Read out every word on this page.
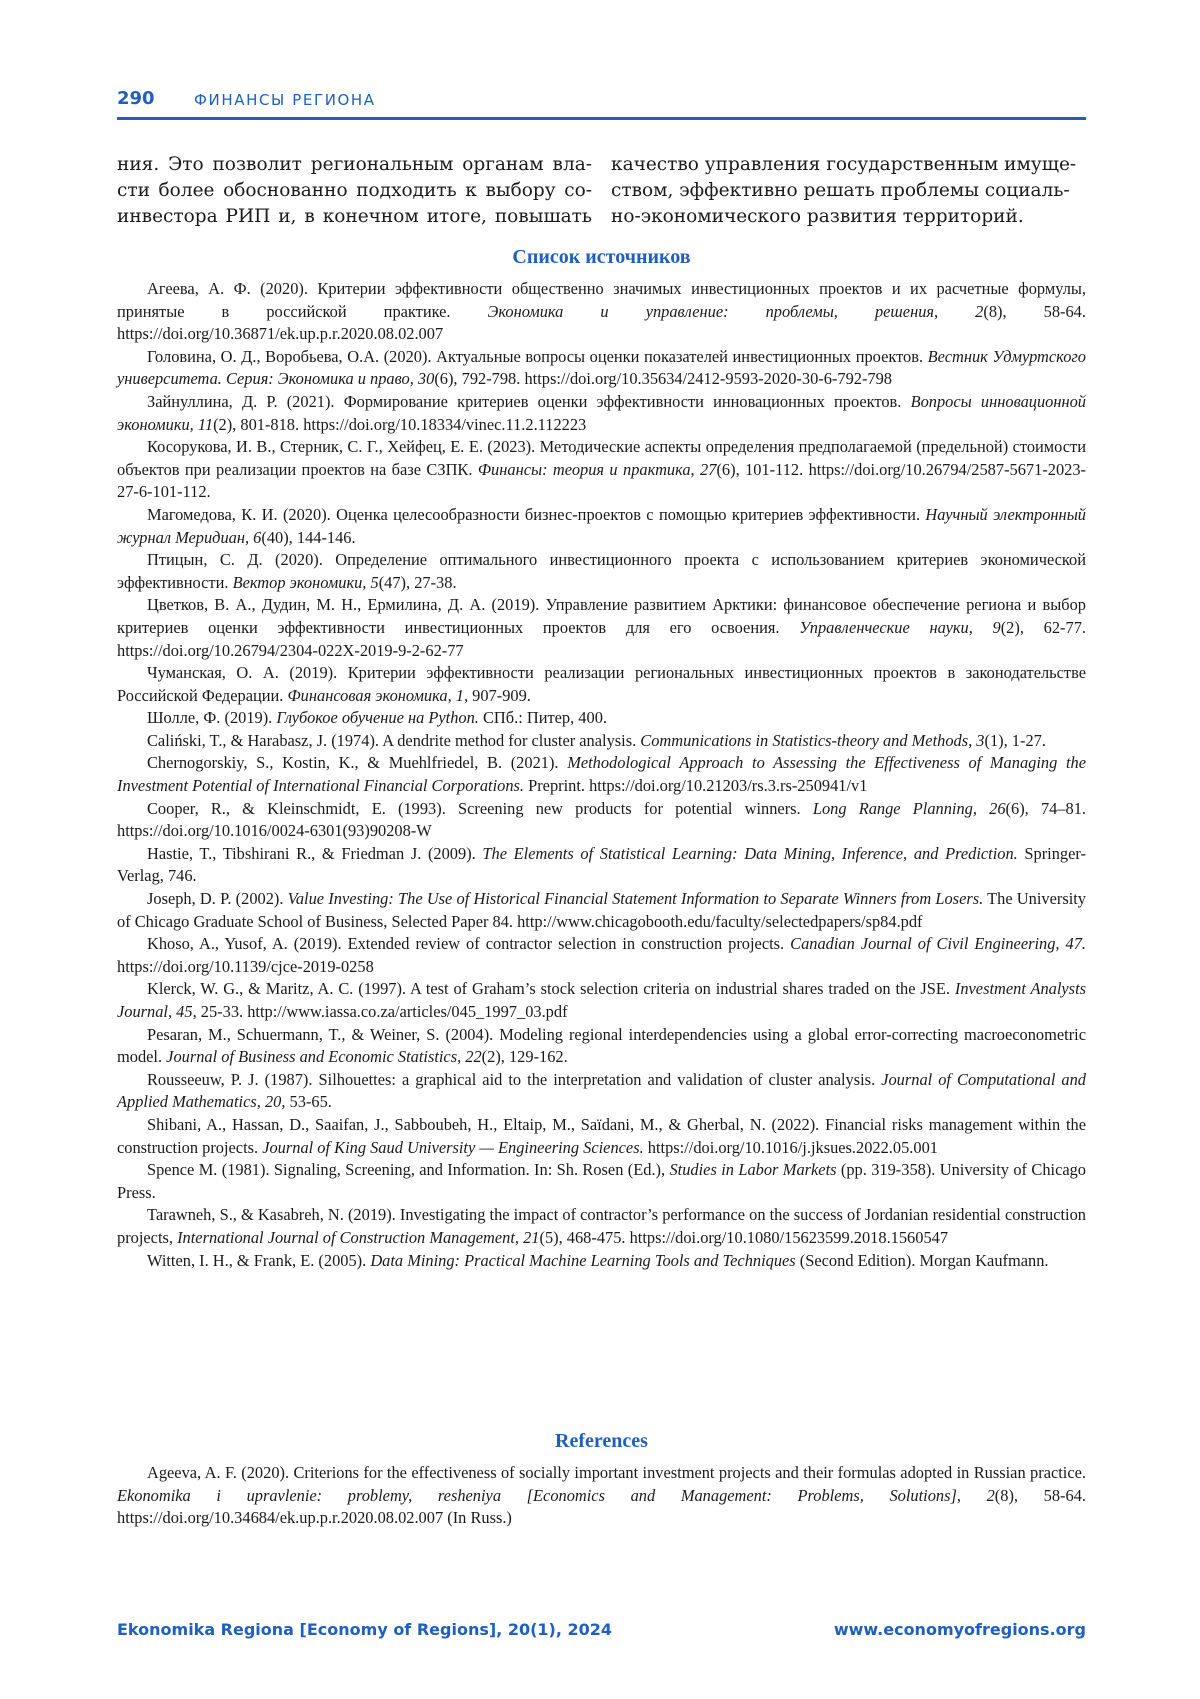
290	ФИНАНСЫ РЕГИОНА
ния. Это позволит региональным органам вла-
сти более обоснованно подходить к выбору со-
инвестора РИП и, в конечном итоге, повышать
качество управления государственным имуще-
ством, эффективно решать проблемы социаль-
но-экономического развития территорий.
Список источников

Агеева, А. Ф. (2020). Критерии эффективности общественно значимых инвестиционных проектов и их расчетные формулы, принятые в российской практике. Экономика и управление: проблемы, решения, 2(8), 58-64. https://doi.org/10.36871/ek.up.p.r.2020.08.02.007

Головина, О. Д., Воробьева, О.А. (2020). Актуальные вопросы оценки показателей инвестиционных проектов. Вестник Удмуртского университета. Серия: Экономика и право, 30(6), 792-798. https://doi.org/10.35634/2412-9593-2020-30-6-792-798

Зайнуллина, Д. Р. (2021). Формирование критериев оценки эффективности инновационных проектов. Вопросы инновационной экономики, 11(2), 801-818. https://doi.org/10.18334/vinec.11.2.112223

Косорукова, И. В., Стерник, С. Г., Хейфец, Е. Е. (2023). Методические аспекты определения предполагаемой (предельной) стоимости объектов при реализации проектов на базе СЗПК. Финансы: теория и практика, 27(6), 101-112. https://doi.org/10.26794/2587-5671-2023-27-6-101-112.

Магомедова, К. И. (2020). Оценка целесообразности бизнес-проектов с помощью критериев эффективности. Научный электронный журнал Меридиан, 6(40), 144-146.

Птицын, С. Д. (2020). Определение оптимального инвестиционного проекта с использованием критериев экономической эффективности. Вектор экономики, 5(47), 27-38.

Цветков, В. А., Дудин, М. Н., Ермилина, Д. А. (2019). Управление развитием Арктики: финансовое обеспечение региона и выбор критериев оценки эффективности инвестиционных проектов для его освоения. Управленческие науки, 9(2), 62-77. https://doi.org/10.26794/2304-022X-2019-9-2-62-77

Чуманская, О. А. (2019). Критерии эффективности реализации региональных инвестиционных проектов в законодательстве Российской Федерации. Финансовая экономика, 1, 907-909.

Шолле, Ф. (2019). Глубокое обучение на Python. СПб.: Питер, 400.

Caliński, T., & Harabasz, J. (1974). A dendrite method for cluster analysis. Communications in Statistics-theory and Methods, 3(1), 1-27.

Chernogorskiy, S., Kostin, K., & Muehlfriedel, B. (2021). Methodological Approach to Assessing the Effectiveness of Managing the Investment Potential of International Financial Corporations. Preprint. https://doi.org/10.21203/rs.3.rs-250941/v1

Cooper, R., & Kleinschmidt, E. (1993). Screening new products for potential winners. Long Range Planning, 26(6), 74–81. https://doi.org/10.1016/0024-6301(93)90208-W

Hastie, T., Tibshirani R., & Friedman J. (2009). The Elements of Statistical Learning: Data Mining, Inference, and Prediction. Springer-Verlag, 746.

Joseph, D. P. (2002). Value Investing: The Use of Historical Financial Statement Information to Separate Winners from Losers. The University of Chicago Graduate School of Business, Selected Paper 84. http://www.chicagobooth.edu/faculty/selectedpapers/sp84.pdf

Khoso, A., Yusof, A. (2019). Extended review of contractor selection in construction projects. Canadian Journal of Civil Engineering, 47. https://doi.org/10.1139/cjce-2019-0258

Klerck, W. G., & Maritz, A. C. (1997). A test of Graham’s stock selection criteria on industrial shares traded on the JSE. Investment Analysts Journal, 45, 25-33. http://www.iassa.co.za/articles/045_1997_03.pdf

Pesaran, M., Schuermann, T., & Weiner, S. (2004). Modeling regional interdependencies using a global error-correcting macroeconometric model. Journal of Business and Economic Statistics, 22(2), 129-162.

Rousseeuw, P. J. (1987). Silhouettes: a graphical aid to the interpretation and validation of cluster analysis. Journal of Computational and Applied Mathematics, 20, 53-65.

Shibani, A., Hassan, D., Saaifan, J., Sabboubeh, H., Eltaip, M., Saïdani, M., & Gherbal, N. (2022). Financial risks management within the construction projects. Journal of King Saud University — Engineering Sciences. https://doi.org/10.1016/j.jksues.2022.05.001

Spence M. (1981). Signaling, Screening, and Information. In: Sh. Rosen (Ed.), Studies in Labor Markets (pp. 319-358). University of Chicago Press.

Tarawneh, S., & Kasabreh, N. (2019). Investigating the impact of contractor’s performance on the success of Jordanian residential construction projects, International Journal of Construction Management, 21(5), 468-475. https://doi.org/10.1080/15623599.2018.1560547

Witten, I. H., & Frank, E. (2005). Data Mining: Practical Machine Learning Tools and Techniques (Second Edition). Morgan Kaufmann.

References

Ageeva, A. F. (2020). Criterions for the effectiveness of socially important investment projects and their formulas adopted in Russian practice. Ekonomika i upravlenie: problemy, resheniya [Economics and Management: Problems, Solutions], 2(8), 58-64. https://doi.org/10.34684/ek.up.p.r.2020.08.02.007 (In Russ.)

Ekonomika Regiona [Economy of Regions], 20(1), 2024	www.economyofregions.org
